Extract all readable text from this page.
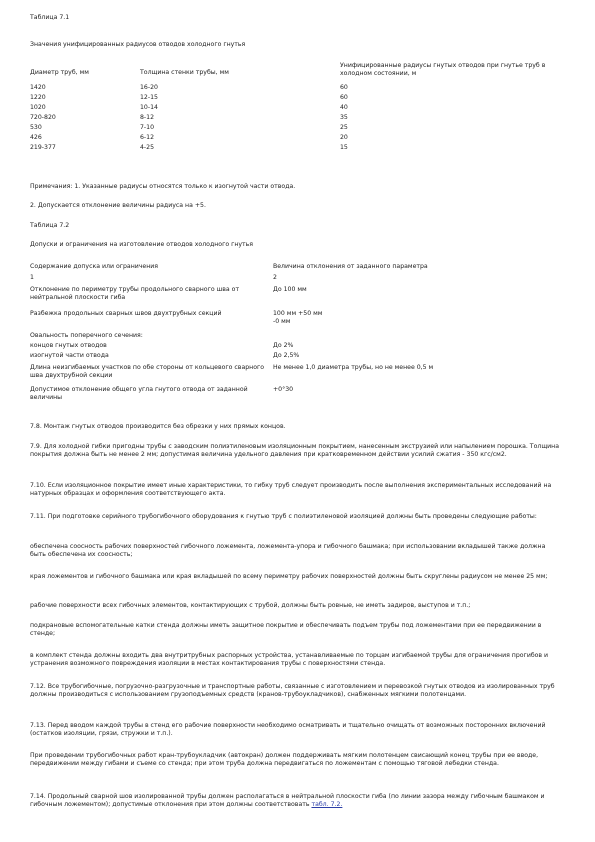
Таблица 7.1
Значения унифицированных радиусов отводов холодного гнутья
Диаметр труб, мм	Толщина стенки трубы, мм	Унифицированные радиусы гнутых отводов при гнутье труб в холодном состоянии, м
1420	16-20	60
1220	12-15	60
1020	10-14	40
720-820	8-12	35
530	7-10	25
426	6-12	20
219-377	4-25	15
Примечания: 1. Указанные радиусы относятся только к изогнутой части отвода.
2. Допускается отклонение величины радиуса на +5.
Таблица 7.2
Допуски и ограничения на изготовление отводов холодного гнутья
Содержание допуска или ограничения	Величина отклонения от заданного параметра
1	2
Отклонение по периметру трубы продольного сварного шва от нейтральной плоскости гиба	До 100 мм
Разбежка продольных сварных швов двухтрубных секций	100 мм +50 мм
-0 мм

Овальность поперечного сечения:	
концов гнутых отводов	До 2%
изогнутой части отвода	До 2,5%
Длина неизгибаемых участков по обе стороны от кольцевого сварного шва двухтрубной секции	Не менее 1,0 диаметра трубы, но не менее 0,5 м
Допустимое отклонение общего угла гнутого отвода от заданной величины	+0°30
7.8. Монтаж гнутых отводов производится без обрезки у них прямых концов.
7.9. Для холодной гибки пригодны трубы с заводским полиэтиленовым изоляционным покрытием, нанесенным экструзией или напылением порошка. Толщина покрытия должна быть не менее 2 мм; допустимая величина удельного давления при кратковременном действии усилий сжатия - 350 кгс/см2.
7.10. Если изоляционное покрытие имеет иные характеристики, то гибку труб следует производить после выполнения экспериментальных исследований на натурных образцах и оформления соответствующего акта.
7.11. При подготовке серийного трубогибочного оборудования к гнутью труб с полиэтиленовой изоляцией должны быть проведены следующие работы:
обеспечена соосность рабочих поверхностей гибочного ложемента, ложемента-упора и гибочного башмака; при использовании вкладышей также должна быть обеспечена их соосность;
края ложементов и гибочного башмака или края вкладышей по всему периметру рабочих поверхностей должны быть скруглены радиусом не менее 25 мм;
рабочие поверхности всех гибочных элементов, контактирующих с трубой, должны быть ровные, не иметь задиров, выступов и т.п.;
подкрановые вспомогательные катки стенда должны иметь защитное покрытие и обеспечивать подъем трубы под ложементами при ее передвижении в стенде;
в комплект стенда должны входить два внутритрубных распорных устройства, устанавливаемые по торцам изгибаемой трубы для ограничения прогибов и устранения возможного повреждения изоляции в местах контактирования трубы с поверхностями стенда.
7.12. Все трубогибочные, погрузочно-разгрузочные и транспортные работы, связанные с изготовлением и перевозкой гнутых отводов из изолированных труб должны производиться с использованием грузоподъемных средств (кранов-трубоукладчиков), снабженных мягкими полотенцами.
7.13. Перед вводом каждой трубы в стенд его рабочие поверхности необходимо осматривать и тщательно очищать от возможных посторонних включений (остатков изоляции, грязи, стружки и т.п.).
При проведении трубогибочных работ кран-трубоукладчик (автокран) должен поддерживать мягким полотенцем свисающий конец трубы при ее вводе, передвижении между гибами и съеме со стенда; при этом труба должна передвигаться по ложементам с помощью тяговой лебедки стенда.
7.14. Продольный сварной шов изолированной трубы должен располагаться в нейтральной плоскости гиба (по линии зазора между гибочным башмаком и гибочным ложементом); допустимые отклонения при этом должны соответствовать табл. 7.2.
